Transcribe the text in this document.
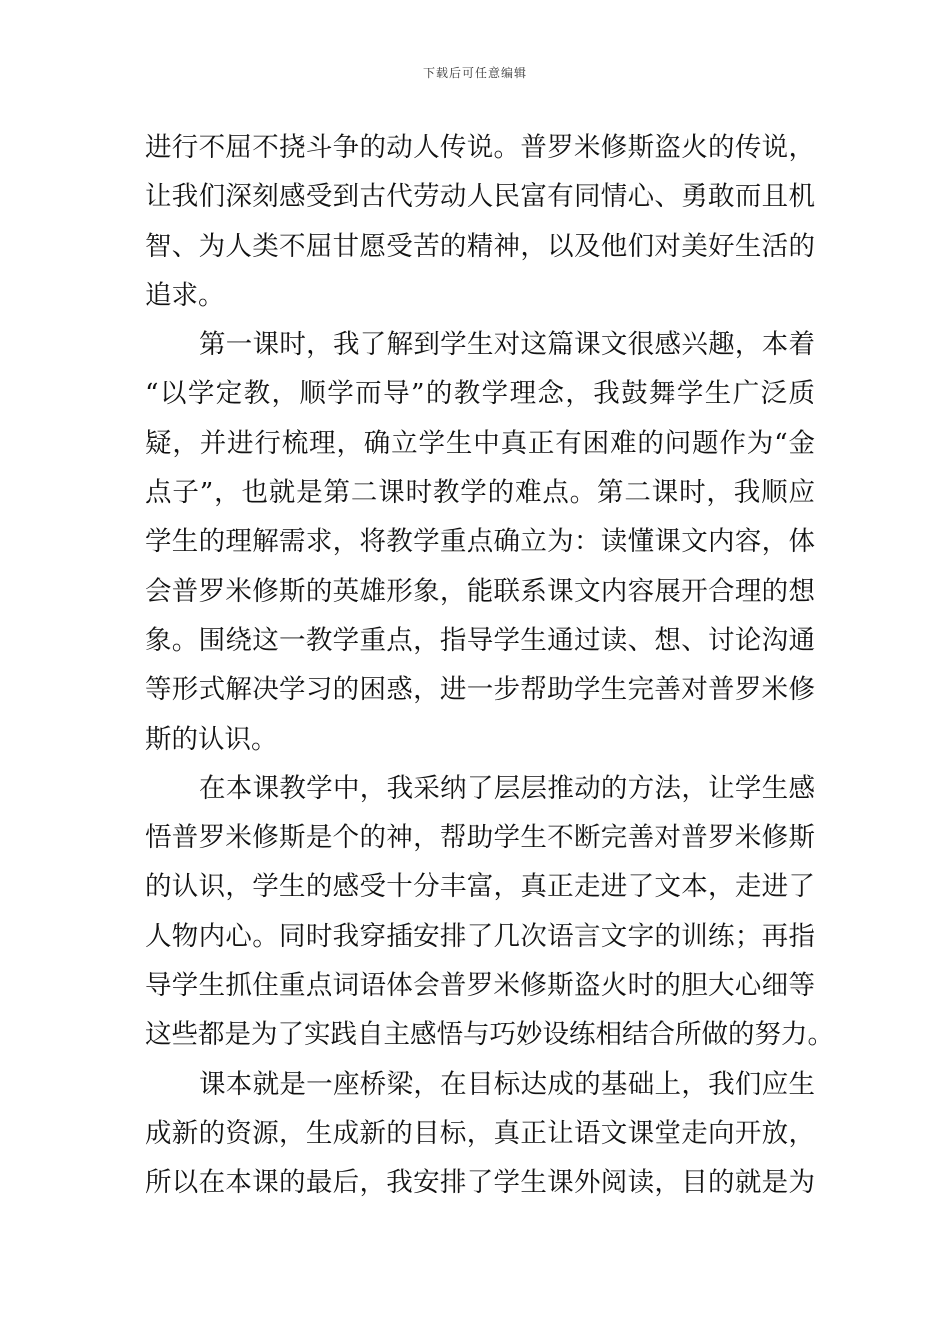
下载后可任意编辑
进行不屈不挠斗争的动人传说。普罗米修斯盗火的传说，
让我们深刻感受到古代劳动人民富有同情心、勇敢而且机
智、为人类不屈甘愿受苦的精神，以及他们对美好生活的
追求。
第一课时，我了解到学生对这篇课文很感兴趣，本着
“以学定教，顺学而导”的教学理念，我鼓舞学生广泛质
疑，并进行梳理，确立学生中真正有困难的问题作为“金
点子”，也就是第二课时教学的难点。第二课时，我顺应
学生的理解需求，将教学重点确立为：读懂课文内容，体
会普罗米修斯的英雄形象，能联系课文内容展开合理的想
象。围绕这一教学重点，指导学生通过读、想、讨论沟通
等形式解决学习的困惑，进一步帮助学生完善对普罗米修
斯的认识。
在本课教学中，我采纳了层层推动的方法，让学生感
悟普罗米修斯是个的神，帮助学生不断完善对普罗米修斯
的认识，学生的感受十分丰富，真正走进了文本，走进了
人物内心。同时我穿插安排了几次语言文字的训练；再指
导学生抓住重点词语体会普罗米修斯盗火时的胆大心细等
这些都是为了实践自主感悟与巧妙设练相结合所做的努力。
课本就是一座桥梁，在目标达成的基础上，我们应生
成新的资源，生成新的目标，真正让语文课堂走向开放，
所以在本课的最后，我安排了学生课外阅读，目的就是为
